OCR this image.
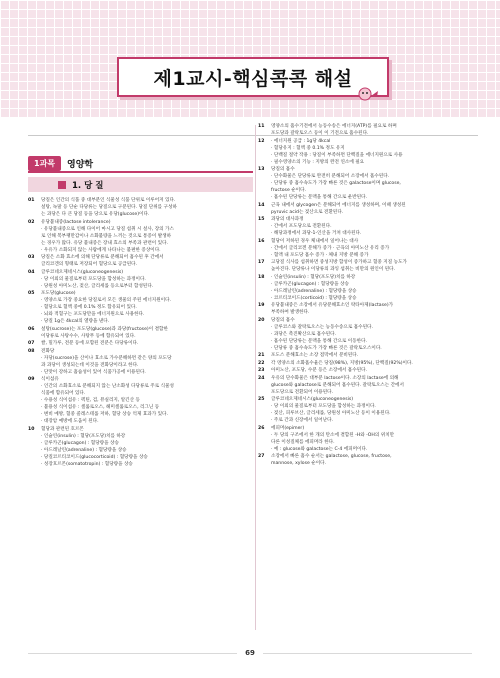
제1교시-핵심콕콕 해설
1과목	영양학
1. 당 질
01	당질은 인간의 식품 중 대부분인 식물성 식품 단위로 이루어져 있다.
설탕, 녹말 등 단순 다당류는 당질으로 구분된다. 당질 단위를 구성하
는 과당은 다 큰 당질 등을 당으로 유당(glucose)이다.
02	유당불내증(lactose intolerance)
· 유당불내증으로 인해 다이어 마시고 당질 섭취 시 설사, 장의 가스
로 인해 복부팽만감이나 소화불량을 느끼는 것으로 통증이 발생하
는 경우가 많다. 유당 불내증은 장내 효소의 부족과 관련이 있다.
· 우유가 소화되지 않는 사람에게 나타나는 불편한 증상이다.
03	당질은 소화 효소에 의해 단당류로 분해되어 흡수된 후 간에서
글리코겐의 형태로 저장되어 혈당으로 공급된다.
04	글루코네오제네시스(gluconeogenesis)
· 당 이외의 물질로부터 포도당을 합성하는 과정이다.
· 당원성 아미노산, 젖산, 글리세롤 등으로부터 합성된다.
05	포도당(glucose)
· 영양소로 가장 중요한 당질로서 모든 생물의 주된 에너지원이다.
· 혈당으로 혈액 중에 0.1% 정도 함유되어 있다.
· 뇌와 적혈구는 포도당만을 에너지원으로 사용한다.
· 당질 1g은 4kcal의 열량을 낸다.
06	설탕(sucrose)는 포도당(glucose)과 과당(fructose)이 결합한
이당류로 사탕수수, 사탕무 등에 함유되어 있다.
07	쌀, 밀가루, 전분 등에 포함된 전분은 다당류이다.
08	전화당
· 자당(sucrose)을 산이나 효소로 가수분해하면 같은 양의 포도당
과 과당이 생성되는데 이것을 전화당이라고 한다.
· 단맛이 강하고 흡습성이 있어 식품가공에 이용된다.
09	식이섬유
· 인간의 소화효소로 분해되지 않는 난소화성 다당류로 주로 식물성
식품에 함유되어 있다.
· 수용성 식이섬유 : 펙틴, 검, 뮤실리지, 알긴산 등
· 불용성 식이섬유 : 셀룰로오스, 헤미셀룰로오스, 리그닌 등
· 변비 예방, 혈중 콜레스테롤 저하, 혈당 상승 억제 효과가 있다.
· 대장암 예방에 도움이 된다.
10	혈당과 관련된 호르몬
· 인슐린(insulin) : 혈당(포도당)치를 하강
· 글루카곤(glucagon) : 혈당량을 상승
· 아드레날린(adrenaline) : 혈당량을 상승
· 당질코르티코이드(glucocorticoid) : 혈당량을 상승
· 성장호르몬(somatotropin) : 혈당량을 상승
11	영양소의 흡수기전에서 능동수송은 에너지(ATP)를 필요로 하며
포도당과 갈락토오스 등이 이 기전으로 흡수된다.
12	· 에너지원 공급 : 1g당 4kcal
· 혈당유지 : 혈액 중 0.1% 정도 유지
· 단백질 절약 작용 : 당질이 부족하면 단백질을 에너지원으로 사용
· 필수영양소의 기능 : 지방의 완전 연소에 필요
13	당질의 흡수
· 단수화물은 단당류로 완전히 분해되어 소장에서 흡수된다.
· 단당류 중 흡수속도가 가장 빠른 것은 galactose이며 glucose,
fructose 순이다.
· 흡수된 단당류는 문맥을 통해 간으로 운반된다.
14	근육 내에서 glycogen은 분해되어 에너지를 생성하며, 이때 생성된
pyruvic acid는 젖산으로 전환된다.
15	과당의 대사과정
· 간에서 포도당으로 전환된다.
· 해당과정에서 과당-1-인산을 거쳐 대사된다.
16	혈당이 저하된 경우 체내에서 일어나는 대사
· 간에서 글리코겐 분해가 증가 · 근육의 아미노산 유리 증가
· 혈액 내 포도당 흡수 증가 · 체내 지방 분해 증가
17	고당질 식사를 섭취하면 중성지방 합성이 증가하고 혈중 지질 농도가
높아진다. 단당류나 이당류의 과잉 섭취는 비만의 원인이 된다.
18	· 인슐린(insulin) : 혈당(포도당)치를 하강
· 글루카곤(glucagon) : 혈당량을 상승
· 아드레날린(adrenaline) : 혈당량을 상승
· 코르티코이드(corticoid) : 혈당량을 상승
19	유당불내증은 소장에서 유당분해효소인 락타아제(lactase)가
부족하여 발생한다.
20	당질의 흡수
· 글루코스와 갈락토오스는 능동수송으로 흡수된다.
· 과당은 촉진확산으로 흡수된다.
· 흡수된 단당류는 문맥을 통해 간으로 이동한다.
· 단당류 중 흡수속도가 가장 빠른 것은 갈락토오스이다.
21	포도스 분해효소는 소장 점막에서 분비된다.
22	각 영양소의 소화흡수율은 당질(98%), 지방(95%), 단백질(92%)이다.
23	아미노산, 포도당, 수분 등은 소장에서 흡수된다.
24	우유의 단수화물은 대부분 lactose이다. 소장의 lactase에 의해
glucose와 galactose로 분해되어 흡수된다. 갈락토오스는 간에서
포도당으로 전환되어 이용된다.
25	글루코네오제네시스(gluconeogenesis)
· 당 이외의 물질로부터 포도당을 합성하는 과정이다.
· 젖산, 피루브산, 글리세롤, 당원성 아미노산 등이 이용된다.
· 주로 간과 신장에서 일어난다.
26	에피머(epimer)
· 두 당의 구조에서 한 개의 탄소에 결합된 -H와 -OH의 위치만
다른 이성질체를 에피머라 한다.
· 예 : glucose와 galactose는 C-4 에피머이다.
27	소장에서 빠른 흡수 순서는 galactose, glucose, fructose,
mannose, xylose 순이다.
69
